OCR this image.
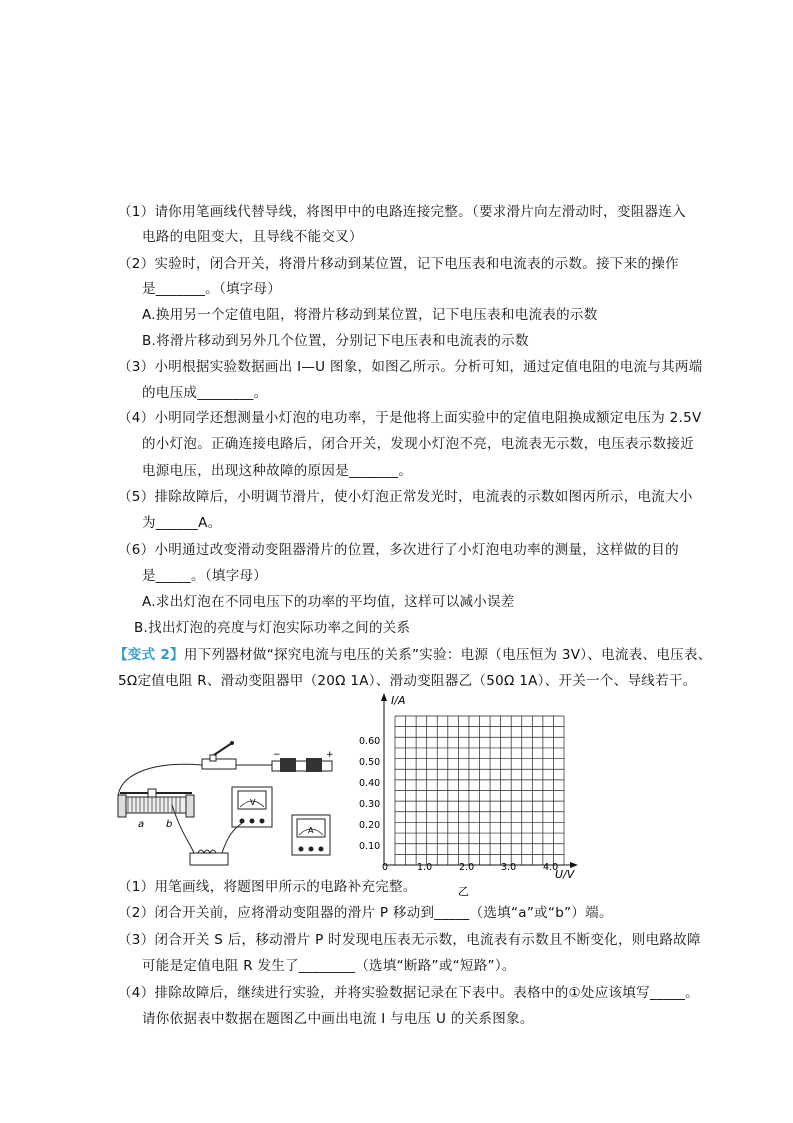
（1）请你用笔画线代替导线，将图甲中的电路连接完整。（要求滑片向左滑动时，变阻器连入
电路的电阻变大，且导线不能交叉）
（2）实验时，闭合开关，将滑片移动到某位置，记下电压表和电流表的示数。接下来的操作
是_______。（填字母）
A.换用另一个定值电阻，将滑片移动到某位置，记下电压表和电流表的示数
B.将滑片移动到另外几个位置，分别记下电压表和电流表的示数
（3）小明根据实验数据画出 I—U 图象，如图乙所示。分析可知，通过定值电阻的电流与其两端
的电压成________。
（4）小明同学还想测量小灯泡的电功率，于是他将上面实验中的定值电阻换成额定电压为 2.5V
的小灯泡。正确连接电路后，闭合开关，发现小灯泡不亮，电流表无示数，电压表示数接近
电源电压，出现这种故障的原因是_______。
（5）排除故障后，小明调节滑片，使小灯泡正常发光时，电流表的示数如图丙所示，电流大小
为______A。
（6）小明通过改变滑动变阻器滑片的位置，多次进行了小灯泡电功率的测量，这样做的目的
是_____。（填字母）
A.求出灯泡在不同电压下的功率的平均值，这样可以减小误差
B.找出灯泡的亮度与灯泡实际功率之间的关系
【变式 2】用下列器材做“探究电流与电压的关系”实验：电源（电压恒为 3V）、电流表、电压表、
5Ω定值电阻 R、滑动变阻器甲（20Ω 1A）、滑动变阻器乙（50Ω 1A）、开关一个、导线若干。
−	+
a b
V
A
I/A
U/V
0.60
0.50
0.40
0.30
0.20
0.10
0	1.0	2.0	3.0	4.0
乙
（1）用笔画线，将题图甲所示的电路补充完整。
（2）闭合开关前，应将滑动变阻器的滑片 P 移动到_____（选填“a”或“b”）端。
（3）闭合开关 S 后，移动滑片 P 时发现电压表无示数，电流表有示数且不断变化，则电路故障
可能是定值电阻 R 发生了________（选填“断路”或“短路”）。
（4）排除故障后，继续进行实验，并将实验数据记录在下表中。表格中的①处应该填写_____。
请你依据表中数据在题图乙中画出电流 I 与电压 U 的关系图象。
